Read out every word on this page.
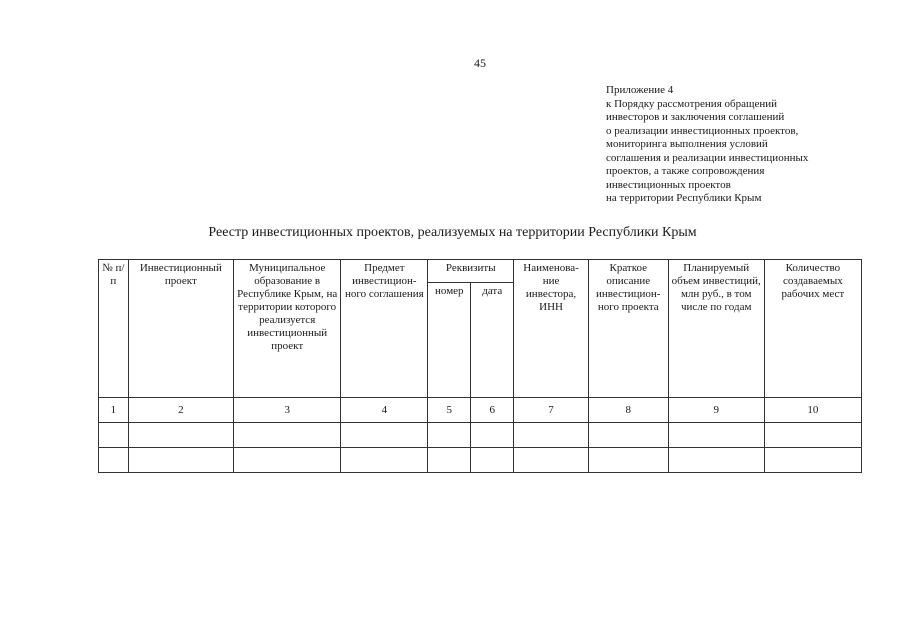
45
Приложение 4
к Порядку рассмотрения обращений
инвесторов и заключения соглашений
о реализации инвестиционных проектов,
мониторинга выполнения условий
соглашения и реализации инвестиционных
проектов, а также сопровождения
инвестиционных проектов
на территории Республики Крым
Реестр инвестиционных проектов, реализуемых на территории Республики Крым
№ п/п	Инвестиционный проект	Муниципальное образование в Республике Крым, на территории которого реализуется инвестиционный проект	Предмет инвестицион-ного соглашения	Реквизиты		Наименова-ние инвестора, ИНН	Краткое описание инвестицион-ного проекта	Планируемый объем инвестиций, млн руб., в том числе по годам	Количество создаваемых рабочих мест
				номер	дата				
1	2	3	4	5	6	7	8	9	10
